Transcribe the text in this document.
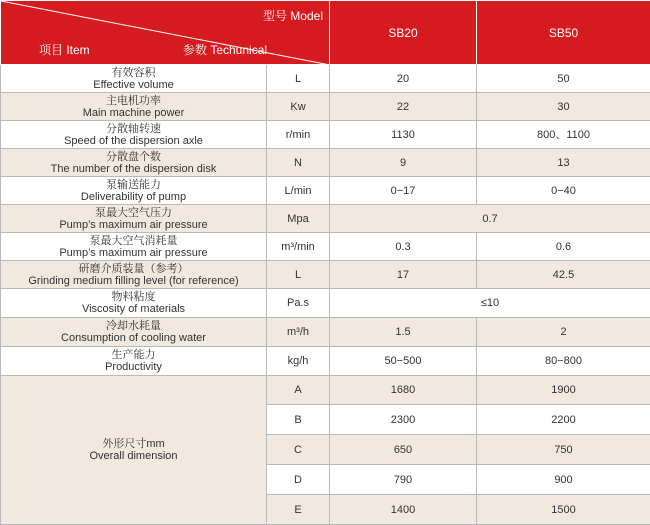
型号 Model
项目 Item 参数 Techunical		SB20	SB50

有效容积
Effective volume	L	20	50

主电机功率
Main machine power	Kw	22	30

分散轴转速
Speed of the dispersion axle	r/min	1130	800、1100

分散盘个数
The number of the dispersion disk	N	9	13

泵输送能力
Deliverability of pump	L/min	0−17	0−40

泵最大空气压力
Pump’s maximum air pressure	Mpa	0.7	

泵最大空气消耗量
Pump’s maximum air pressure	m³/min	0.3	0.6

研磨介质装量（参考）
Grinding medium filling level (for reference)	L	17	42.5

物料粘度
Viscosity of materials	Pa.s	≤10	

冷却水耗量
Consumption of cooling water	m³/h	1.5	2

生产能力
Productivity	kg/h	50−500	80−800

外形尺寸mm
Overall dimension	A	1680	1900
	B	2300	2200
	C	650	750
	D	790	900
	E	1400	1500
